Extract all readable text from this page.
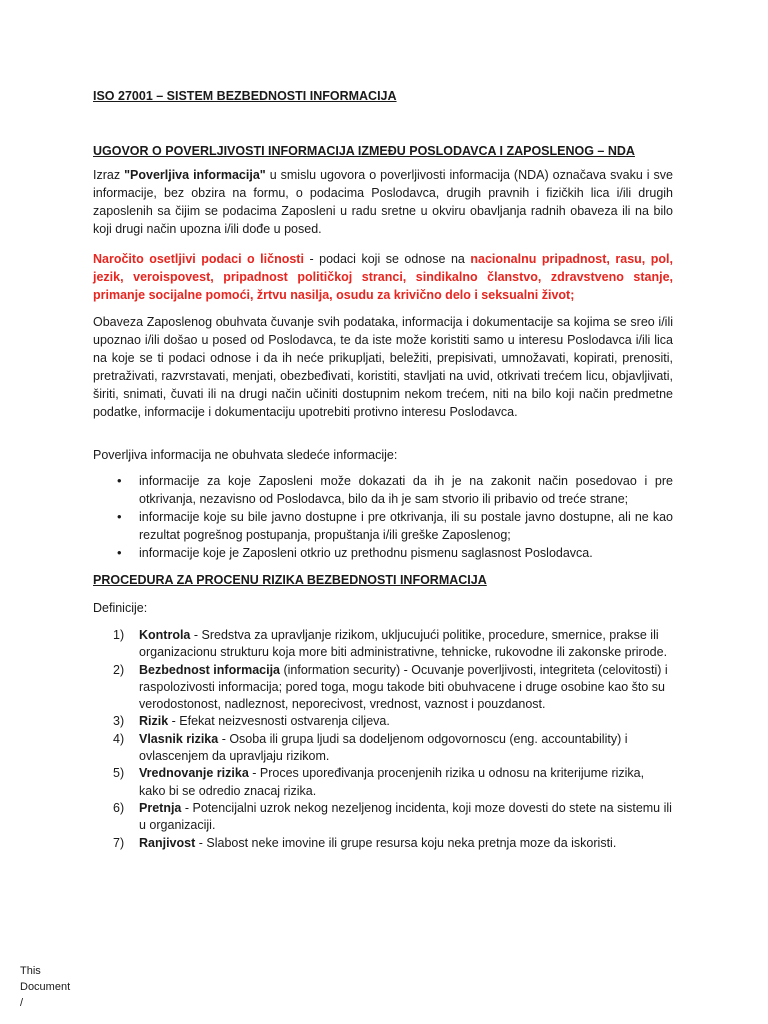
ISO 27001 – SISTEM BEZBEDNOSTI INFORMACIJA
UGOVOR O POVERLJIVOSTI INFORMACIJA IZMEĐU POSLODAVCA I ZAPOSLENOG – NDA
Izraz "Poverljiva informacija" u smislu ugovora o poverljivosti informacija (NDA) označava svaku i sve informacije, bez obzira na formu, o podacima Poslodavca, drugih pravnih i fizičkih lica i/ili drugih zaposlenih sa čijim se podacima Zaposleni u radu sretne u okviru obavljanja radnih obaveza ili na bilo koji drugi način upozna i/ili dođe u posed.
Naročito osetljivi podaci o ličnosti - podaci koji se odnose na nacionalnu pripadnost, rasu, pol, jezik, veroispovest, pripadnost političkoj stranci, sindikalno članstvo, zdravstveno stanje, primanje socijalne pomoći, žrtvu nasilja, osudu za krivično delo i seksualni život;
Obaveza Zaposlenog obuhvata čuvanje svih podataka, informacija i dokumentacije sa kojima se sreo i/ili upoznao i/ili došao u posed od Poslodavca, te da iste može koristiti samo u interesu Poslodavca i/ili lica na koje se ti podaci odnose i da ih neće prikupljati, beležiti, prepisivati, umnožavati, kopirati, prenositi, pretraživati, razvrstavati, menjati, obezbeđivati, koristiti, stavljati na uvid, otkrivati trećem licu, objavljivati, širiti, snimati, čuvati ili na drugi način učiniti dostupnim nekom trećem, niti na bilo koji način predmetne podatke, informacije i dokumentaciju upotrebiti protivno interesu Poslodavca.
Poverljiva informacija ne obuhvata sledeće informacije:
• informacije za koje Zaposleni može dokazati da ih je na zakonit način posedovao i pre otkrivanja, nezavisno od Poslodavca, bilo da ih je sam stvorio ili pribavio od treće strane;
• informacije koje su bile javno dostupne i pre otkrivanja, ili su postale javno dostupne, ali ne kao rezultat pogrešnog postupanja, propuštanja i/ili greške Zaposlenog;
• informacije koje je Zaposleni otkrio uz prethodnu pismenu saglasnost Poslodavca.
PROCEDURA ZA PROCENU RIZIKA BEZBEDNOSTI INFORMACIJA
Definicije:
1) Kontrola - Sredstva za upravljanje rizikom, ukljucujući politike, procedure, smernice, prakse ili organizacionu strukturu koja more biti administrativne, tehnicke, rukovodne ili zakonske prirode.
2) Bezbednost informacija (information security) - Ocuvanje poverljivosti, integriteta (celovitosti) i raspolozivosti informacija; pored toga, mogu takode biti obuhvacene i druge osobine kao što su verodostonost, nadleznost, neporecivost, vrednost, vaznost i pouzdanost.
3) Rizik - Efekat neizvesnosti ostvarenja ciljeva.
4) Vlasnik rizika - Osoba ili grupa ljudi sa dodeljenom odgovornoscu (eng. accountability) i ovlascenjem da upravljaju rizikom.
5) Vrednovanje rizika - Proces upoređivanja procenjenih rizika u odnosu na kriterijume rizika, kako bi se odredio znacaj rizika.
6) Pretnja - Potencijalni uzrok nekog nezeljenog incidenta, koji moze dovesti do stete na sistemu ili u organizaciji.
7) Ranjivost - Slabost neke imovine ili grupe resursa koju neka pretnja moze da iskoristi.
This Document /
